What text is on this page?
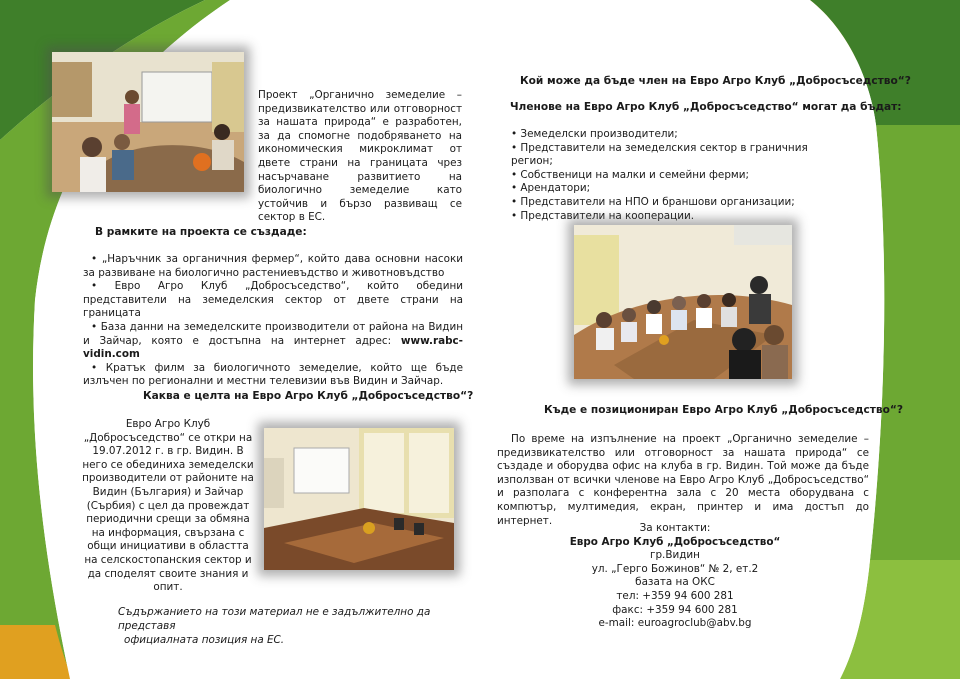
Проект „Органично земеделие – предизвикателство или отговорност за нашата природа“ е разработен, за да спомогне подобряването на икономическия микроклимат от двете страни на границата чрез насърчаване развитието на биологично земеделие като устойчив и бързо развиващ се сектор в ЕС.
В рамките на проекта се създаде:
• „Наръчник за органичния фермер“, който дава основни насоки за развиване на биологично растениевъдство и животновъдство
• Евро Агро Клуб „Добросъседство“, който обедини представители на земеделския сектор от двете страни на границата
• База данни на земеделските производители от района на Видин и Зайчар, която е достъпна на интернет адрес: www.rabc-vidin.com
• Кратък филм за биологичното земеделие, който ще бъде излъчен по регионални и местни телевизии във Видин и Зайчар.
Каква е целта на Евро Агро Клуб „Добросъседство“?
Евро Агро Клуб „Добросъседство“ се откри на 19.07.2012 г. в гр. Видин. В него се обединиха земеделски производители от районите на Видин (България) и Зайчар (Сърбия) с цел да провеждат периодични срещи за обмяна на информация, свързана с общи инициативи в областта на селскостопанския сектор и да споделят своите знания и опит.
Съдържанието на този материал не е задължително да представя
официалната позиция на ЕС.
Кой може да бъде член на Евро Агро Клуб „Добросъседство“?
Членове на Евро Агро Клуб „Добросъседство“ могат да бъдат:
• Земеделски производители;
• Представители на земеделския сектор в граничния регион;
• Собственици на малки и семейни ферми;
• Арендатори;
• Представители на НПО и браншови организации;
• Представители на кооперации.
Къде е позициониран Евро Агро Клуб „Добросъседство“?
По време на изпълнение на проект „Органично земеделие – предизвикателство или отговорност за нашата природа“ се създаде и оборудва офис на клуба в гр. Видин. Той може да бъде използван от всички членове на Евро Агро Клуб „Добросъседство“ и разполага с конферентна зала с 20 места оборудвана с компютър, мултимедия, екран, принтер и има достъп до интернет.
За контакти:
Евро Агро Клуб „Добросъседство“
гр.Видин
ул. „Герго Божинов“ № 2, ет.2
базата на ОКС
тел: +359 94 600 281
факс: +359 94 600 281
e-mail: euroagroclub@abv.bg
